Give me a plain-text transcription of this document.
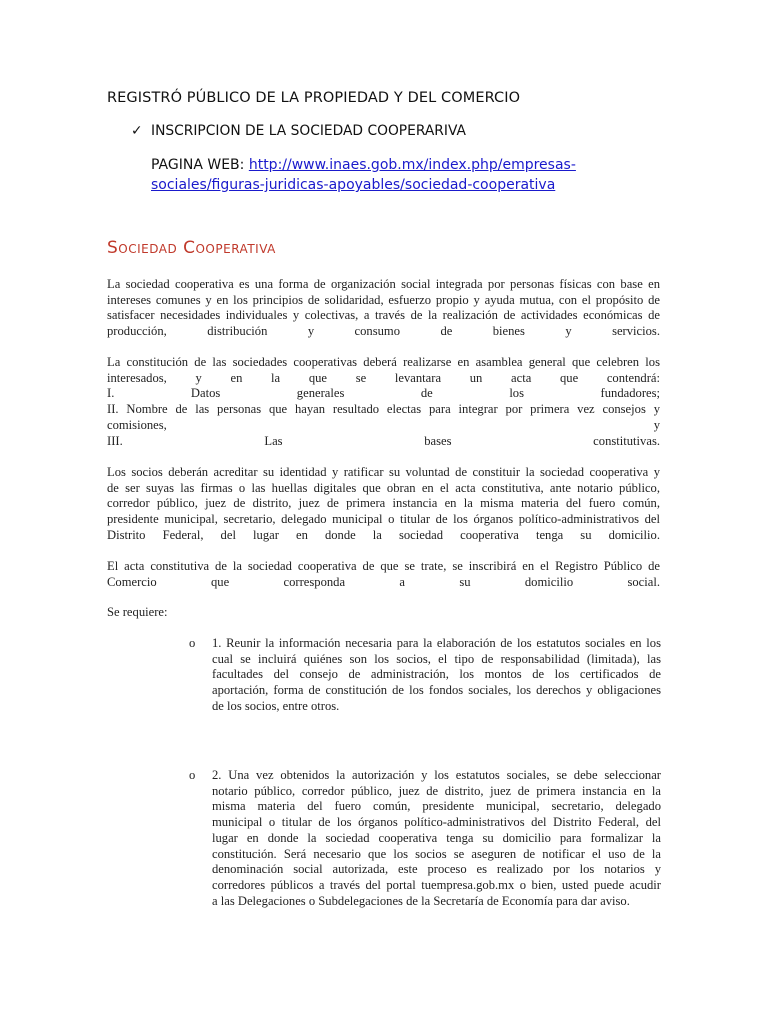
REGISTRÓ PÚBLICO DE LA PROPIEDAD Y DEL COMERCIO
✓ INSCRIPCION DE LA SOCIEDAD COOPERARIVA
PAGINA WEB: http://www.inaes.gob.mx/index.php/empresas-
sociales/figuras-juridicas-apoyables/sociedad-cooperativa
Sociedad Cooperativa
La sociedad cooperativa es una forma de organización social integrada por personas físicas con base en
intereses comunes y en los principios de solidaridad, esfuerzo propio y ayuda mutua, con el propósito de
satisfacer necesidades individuales y colectivas, a través de la realización de actividades económicas de
producción, distribución y consumo de bienes y servicios.
La constitución de las sociedades cooperativas deberá realizarse en asamblea general que celebren los
interesados, y en la que se levantara un acta que contendrá:
I. Datos generales de los fundadores;
II. Nombre de las personas que hayan resultado electas para integrar por primera vez consejos y
comisiones, y
III. Las bases constitutivas.
Los socios deberán acreditar su identidad y ratificar su voluntad de constituir la sociedad cooperativa y
de ser suyas las firmas o las huellas digitales que obran en el acta constitutiva, ante notario público,
corredor público, juez de distrito, juez de primera instancia en la misma materia del fuero común,
presidente municipal, secretario, delegado municipal o titular de los órganos político-administrativos del
Distrito Federal, del lugar en donde la sociedad cooperativa tenga su domicilio.
El acta constitutiva de la sociedad cooperativa de que se trate, se inscribirá en el Registro Público de
Comercio que corresponda a su domicilio social.
Se requiere:
o 1. Reunir la información necesaria para la elaboración de los estatutos sociales en los
cual se incluirá quiénes son los socios, el tipo de responsabilidad (limitada), las
facultades del consejo de administración, los montos de los certificados de
aportación, forma de constitución de los fondos sociales, los derechos y obligaciones
de los socios, entre otros.
o 2. Una vez obtenidos la autorización y los estatutos sociales, se debe seleccionar
notario público, corredor público, juez de distrito, juez de primera instancia en la
misma materia del fuero común, presidente municipal, secretario, delegado
municipal o titular de los órganos político-administrativos del Distrito Federal, del
lugar en donde la sociedad cooperativa tenga su domicilio para formalizar la
constitución. Será necesario que los socios se aseguren de notificar el uso de la
denominación social autorizada, este proceso es realizado por los notarios y
corredores públicos a través del portal tuempresa.gob.mx o bien, usted puede acudir
a las Delegaciones o Subdelegaciones de la Secretaría de Economía para dar aviso.
